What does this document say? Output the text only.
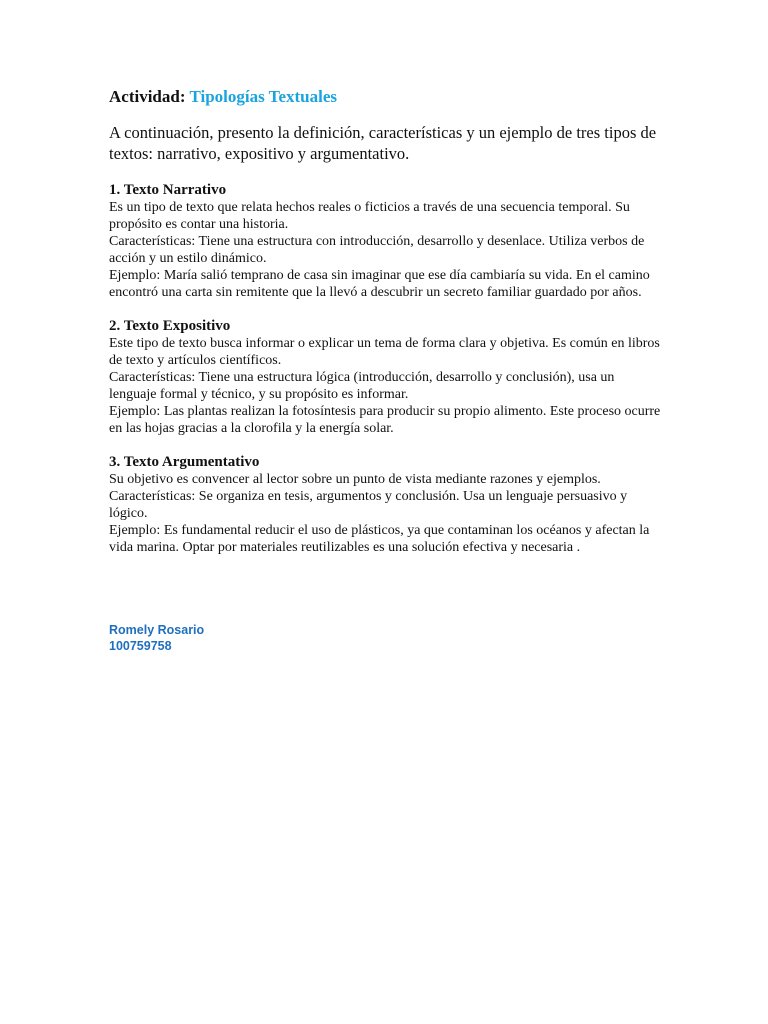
Actividad: Tipologías Textuales

A continuación, presento la definición, características y un ejemplo de tres tipos de textos: narrativo, expositivo y argumentativo.

1. Texto Narrativo

Es un tipo de texto que relata hechos reales o ficticios a través de una secuencia temporal. Su propósito es contar una historia.

Características: Tiene una estructura con introducción, desarrollo y desenlace. Utiliza verbos de acción y un estilo dinámico.

Ejemplo: María salió temprano de casa sin imaginar que ese día cambiaría su vida. En el camino encontró una carta sin remitente que la llevó a descubrir un secreto familiar guardado por años.

2. Texto Expositivo

Este tipo de texto busca informar o explicar un tema de forma clara y objetiva. Es común en libros de texto y artículos científicos.

Características: Tiene una estructura lógica (introducción, desarrollo y conclusión), usa un lenguaje formal y técnico, y su propósito es informar.

Ejemplo: Las plantas realizan la fotosíntesis para producir su propio alimento. Este proceso ocurre en las hojas gracias a la clorofila y la energía solar.

3. Texto Argumentativo

Su objetivo es convencer al lector sobre un punto de vista mediante razones y ejemplos.

Características: Se organiza en tesis, argumentos y conclusión. Usa un lenguaje persuasivo y lógico.

Ejemplo: Es fundamental reducir el uso de plásticos, ya que contaminan los océanos y afectan la vida marina. Optar por materiales reutilizables es una solución efectiva y necesaria .

Romely Rosario
100759758
